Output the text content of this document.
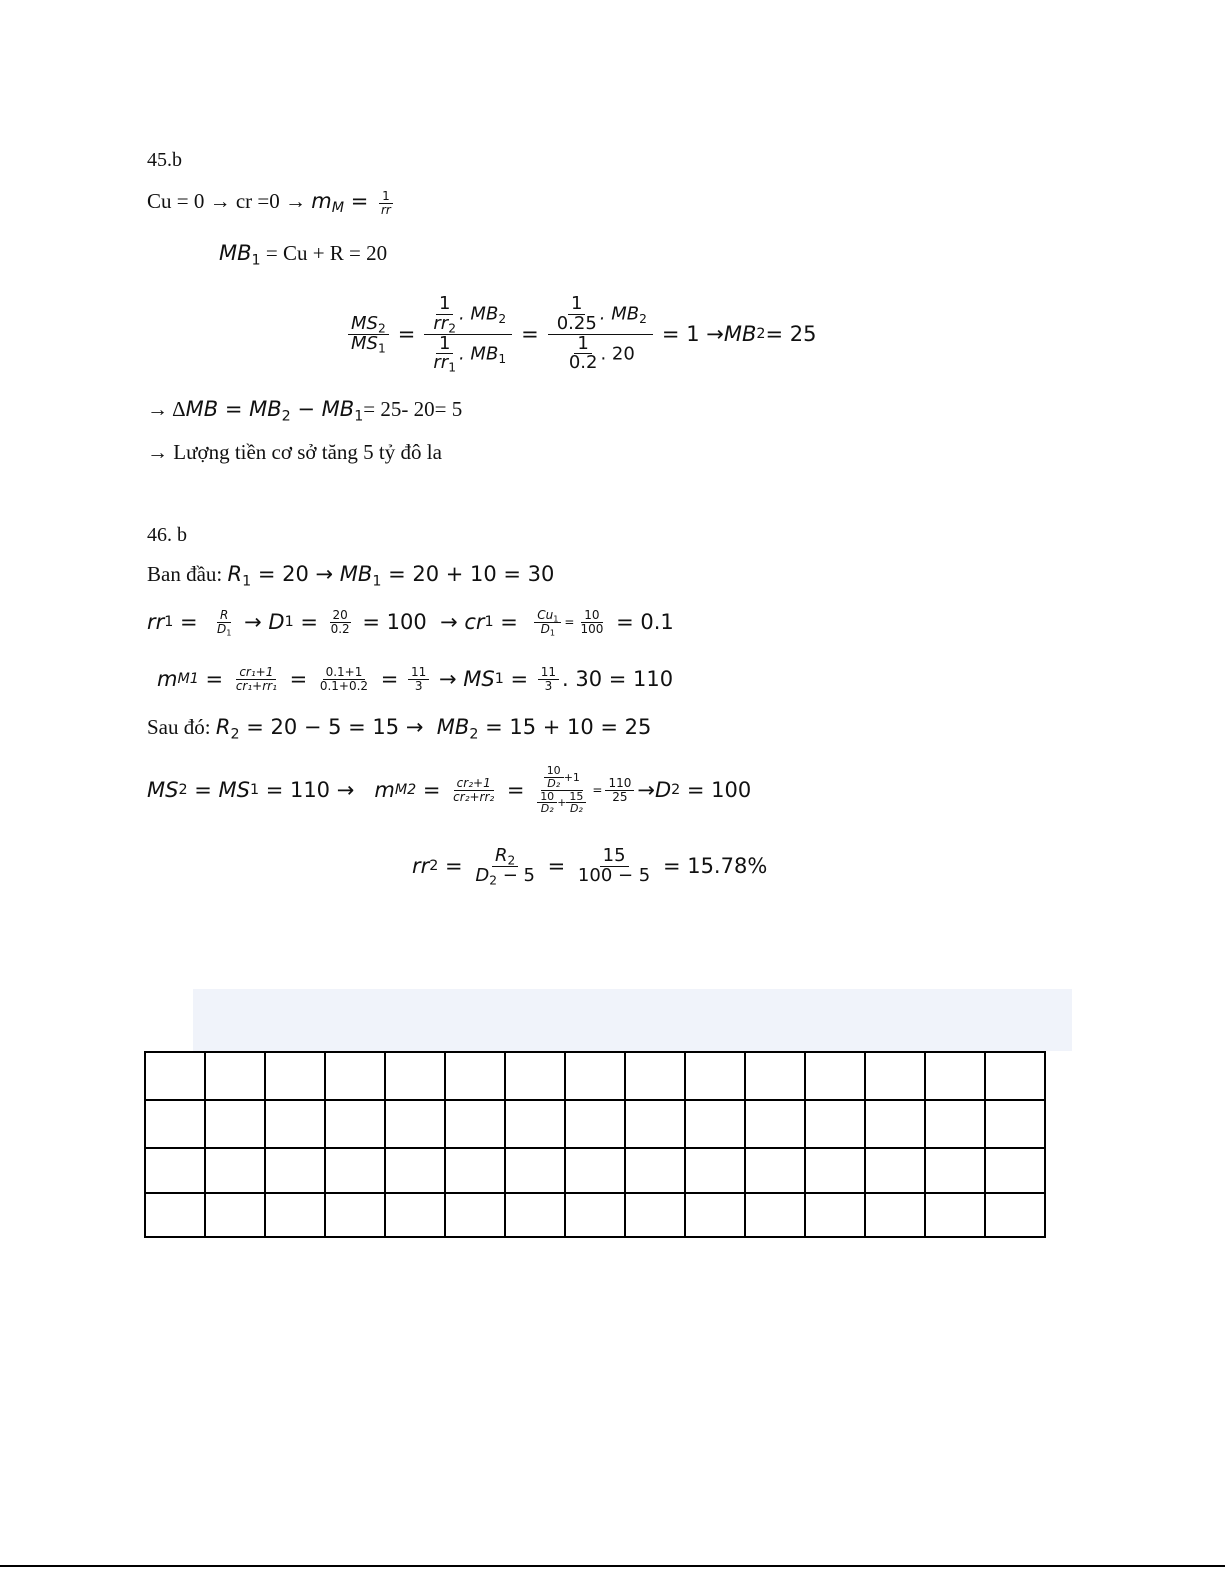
45.b
Cu = 0 → cr $=0 \to m_M = \frac{1}{rr}$
$MB_1 = Cu + R = 20$
$\frac{MS_2}{MS_1} = \frac{\frac{1}{rr_2} . MB_2}{\frac{1}{rr_1} . MB_1} = \frac{\frac{1}{0.25} . MB_2}{\frac{1}{0.2} . 20} = 1$ → MB 2 = 25
→ $\Delta MB = MB_2 - MB_1= 25-$ 20= 5
→ Lượng tiền cơ sở tăng 5 tỷ đô la
46. b
Ban đầu: $R_1 = 20 \to MB_1 = 20 + 10 = 30$
rr $1 = \frac{R}{D_1} \to D$ $1 = \frac{20}{0.2} = 100$  → cr $1 = \frac{Cu_1}{D_1} = \frac{10}{100} = 0.1$
m $M1 = \frac{\text{cr₁+1}}{\text{cr₁+rr₁}} = \frac{0.1+1}{0.1+0.2} = \frac{11}{3}$ → MS $1 = \frac{11}{3}$ . 30 = 110
Sau đó: $R_2 = 20 - 5 = 15 \to MB_2 = 15 + 10 = 25$
MS 2 = MS 1 = 110 → m $M2 = \frac{\text{cr₂+1}}{\text{cr₂+rr₂}} = \frac{\frac{10}{\text{D₂}} +1}{\frac{10}{\text{D₂}} + \frac{15}{\text{D₂}}} = \frac{110}{25} \to D$ 2 = 100
rr $2 = \frac{R_2}{D_2 - 5} = \frac{15}{100 - 5} = 15.78\%$
